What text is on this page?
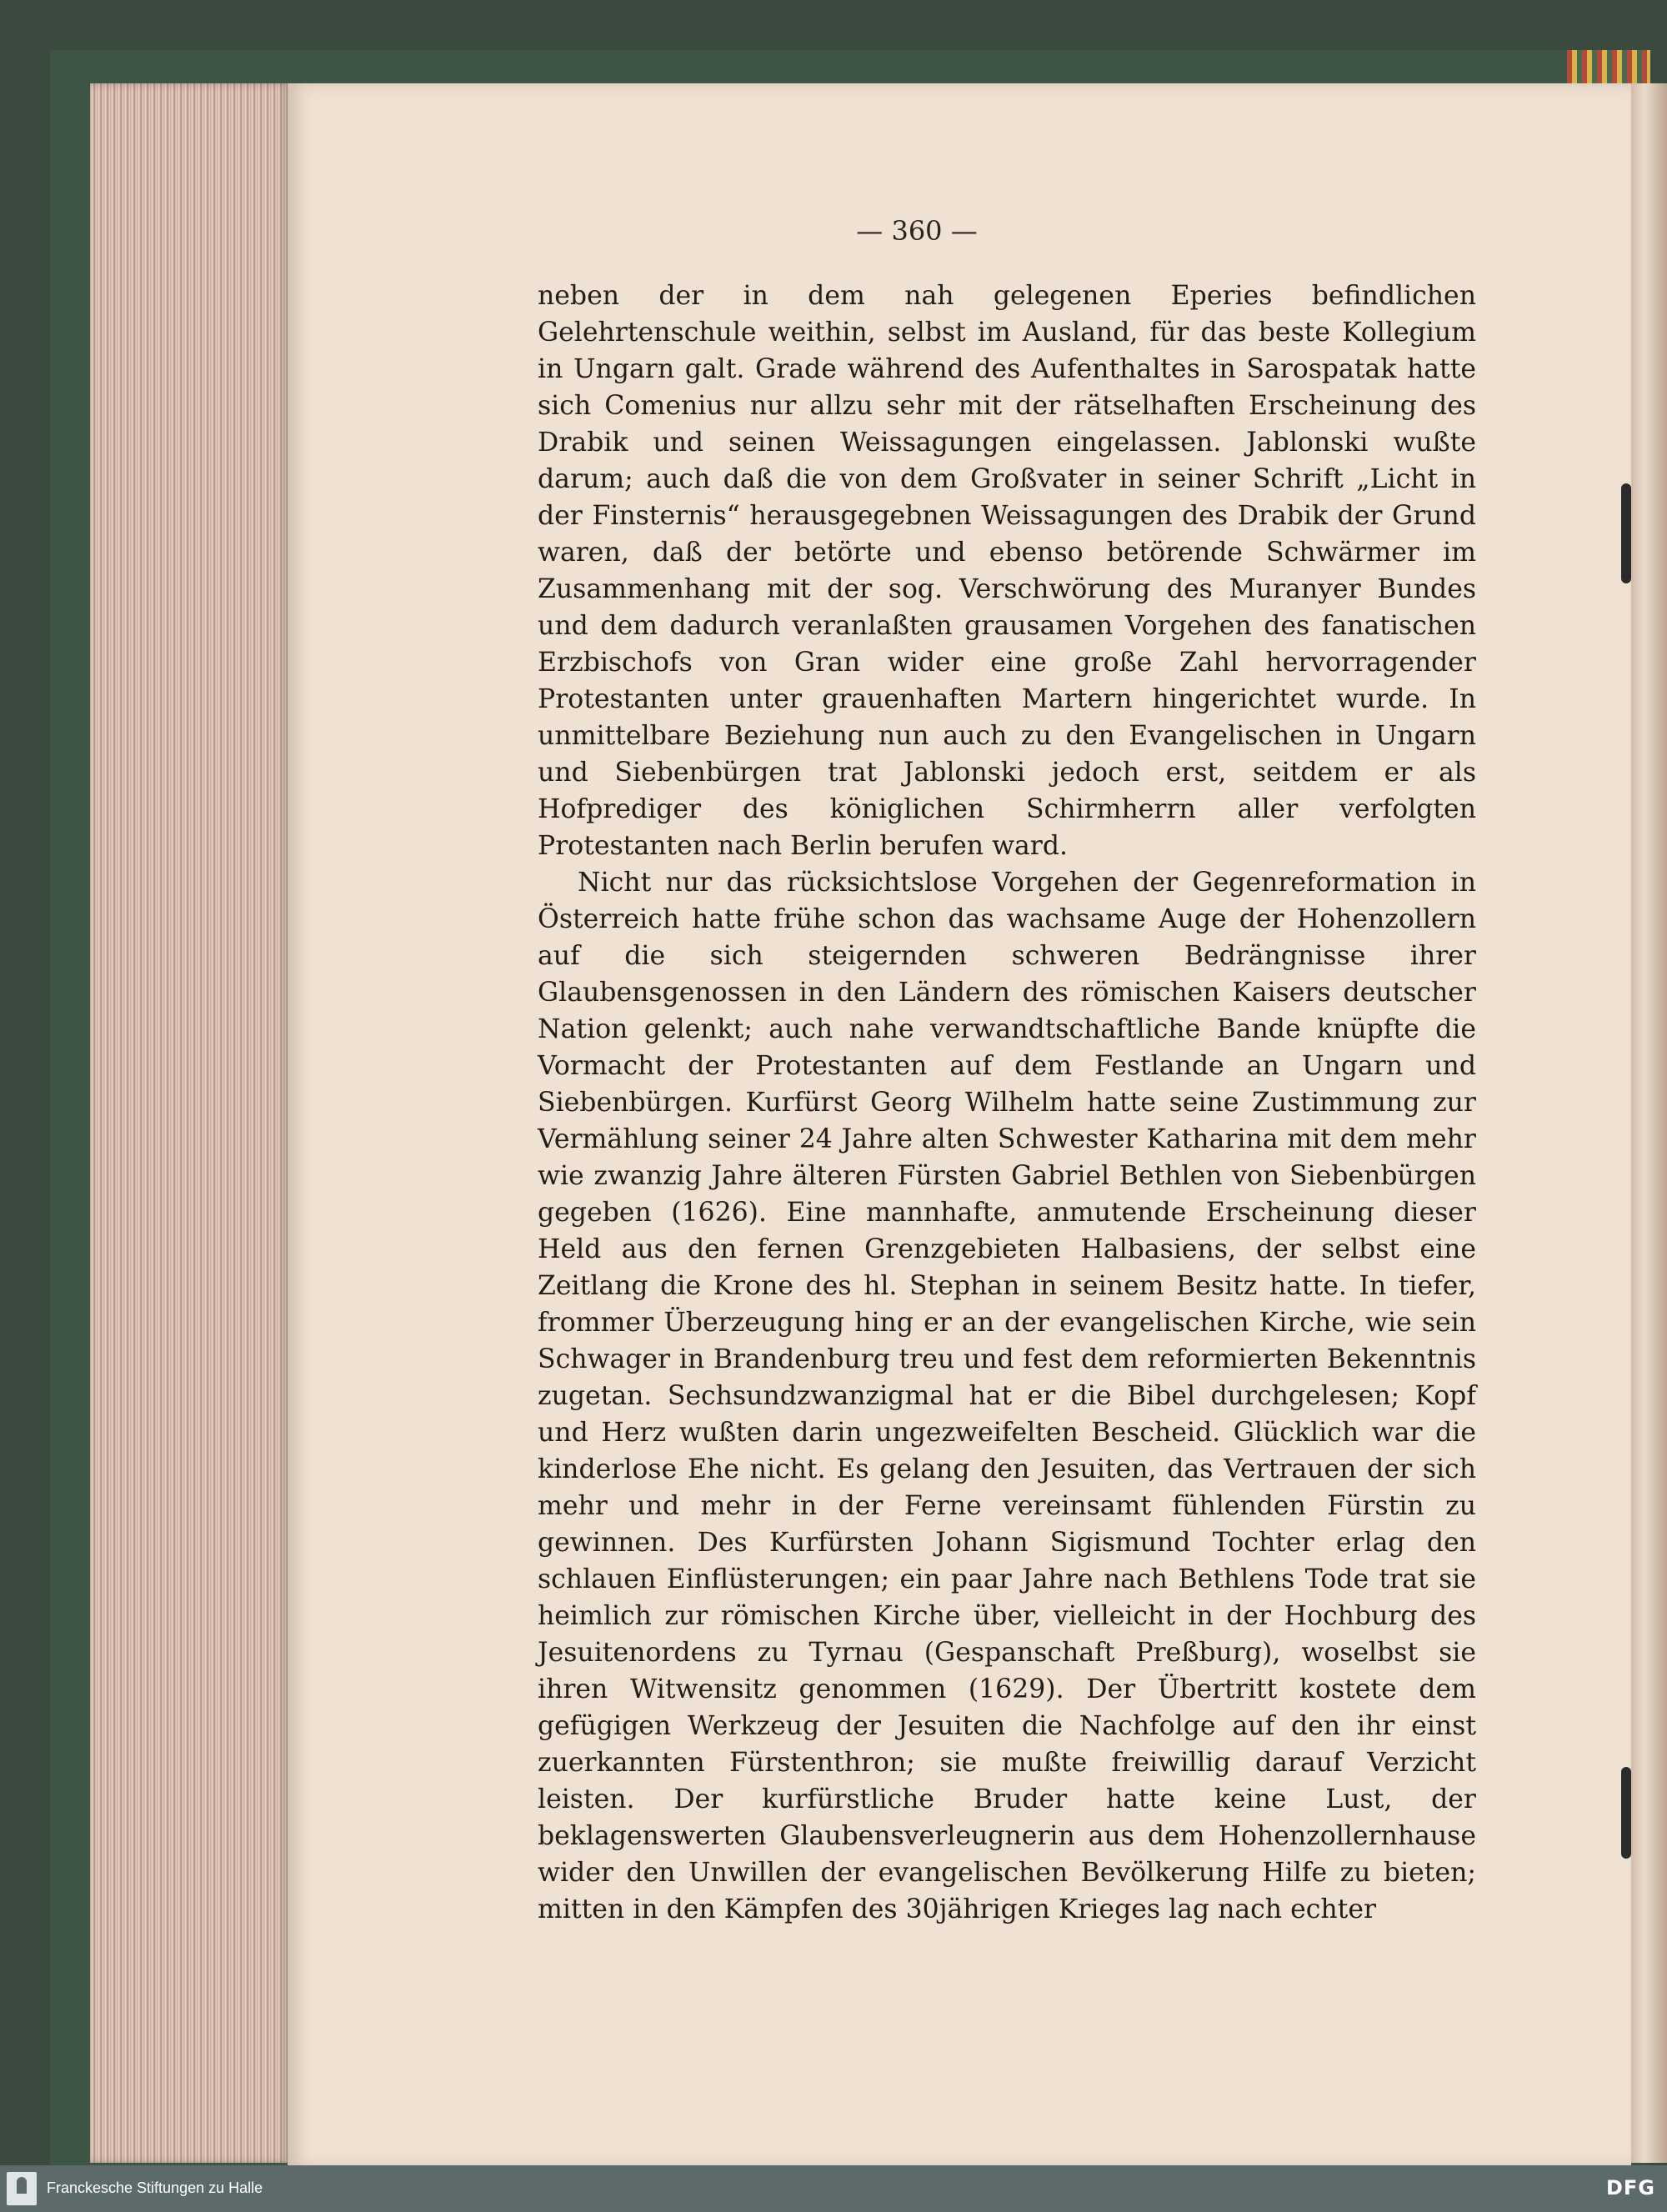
— 360 —

neben der in dem nah gelegenen Eperies befindlichen Gelehrtenschule weithin, selbst im Ausland, für das beste Kollegium in Ungarn galt. Grade während des Aufenthaltes in Sarospatak hatte sich Comenius nur allzu sehr mit der rätselhaften Erscheinung des Drabik und seinen Weissagungen eingelassen. Jablonski wußte darum; auch daß die von dem Großvater in seiner Schrift „Licht in der Finsternis“ herausgegebnen Weissagungen des Drabik der Grund waren, daß der betörte und ebenso betörende Schwärmer im Zusammenhang mit der sog. Verschwörung des Muranyer Bundes und dem dadurch veranlaßten grausamen Vorgehen des fanatischen Erzbischofs von Gran wider eine große Zahl hervorragender Protestanten unter grauenhaften Martern hingerichtet wurde. In unmittelbare Beziehung nun auch zu den Evangelischen in Ungarn und Siebenbürgen trat Jablonski jedoch erst, seitdem er als Hofprediger des königlichen Schirmherrn aller verfolgten Protestanten nach Berlin berufen ward.

Nicht nur das rücksichtslose Vorgehen der Gegenreformation in Österreich hatte frühe schon das wachsame Auge der Hohenzollern auf die sich steigernden schweren Bedrängnisse ihrer Glaubensgenossen in den Ländern des römischen Kaisers deutscher Nation gelenkt; auch nahe verwandtschaftliche Bande knüpfte die Vormacht der Protestanten auf dem Festlande an Ungarn und Siebenbürgen. Kurfürst Georg Wilhelm hatte seine Zustimmung zur Vermählung seiner 24 Jahre alten Schwester Katharina mit dem mehr wie zwanzig Jahre älteren Fürsten Gabriel Bethlen von Siebenbürgen gegeben (1626). Eine mannhafte, anmutende Erscheinung dieser Held aus den fernen Grenzgebieten Halbasiens, der selbst eine Zeitlang die Krone des hl. Stephan in seinem Besitz hatte. In tiefer, frommer Überzeugung hing er an der evangelischen Kirche, wie sein Schwager in Brandenburg treu und fest dem reformierten Bekenntnis zugetan. Sechsundzwanzigmal hat er die Bibel durchgelesen; Kopf und Herz wußten darin ungezweifelten Bescheid. Glücklich war die kinderlose Ehe nicht. Es gelang den Jesuiten, das Vertrauen der sich mehr und mehr in der Ferne vereinsamt fühlenden Fürstin zu gewinnen. Des Kurfürsten Johann Sigismund Tochter erlag den schlauen Einflüsterungen; ein paar Jahre nach Bethlens Tode trat sie heimlich zur römischen Kirche über, vielleicht in der Hochburg des Jesuitenordens zu Tyrnau (Gespanschaft Preßburg), woselbst sie ihren Witwensitz genommen (1629). Der Übertritt kostete dem gefügigen Werkzeug der Jesuiten die Nachfolge auf den ihr einst zuerkannten Fürstenthron; sie mußte freiwillig darauf Verzicht leisten. Der kurfürstliche Bruder hatte keine Lust, der beklagenswerten Glaubensverleugnerin aus dem Hohenzollernhause wider den Unwillen der evangelischen Bevölkerung Hilfe zu bieten; mitten in den Kämpfen des 30jährigen Krieges lag nach echter

Franckesche Stiftungen zu Halle	DFG
